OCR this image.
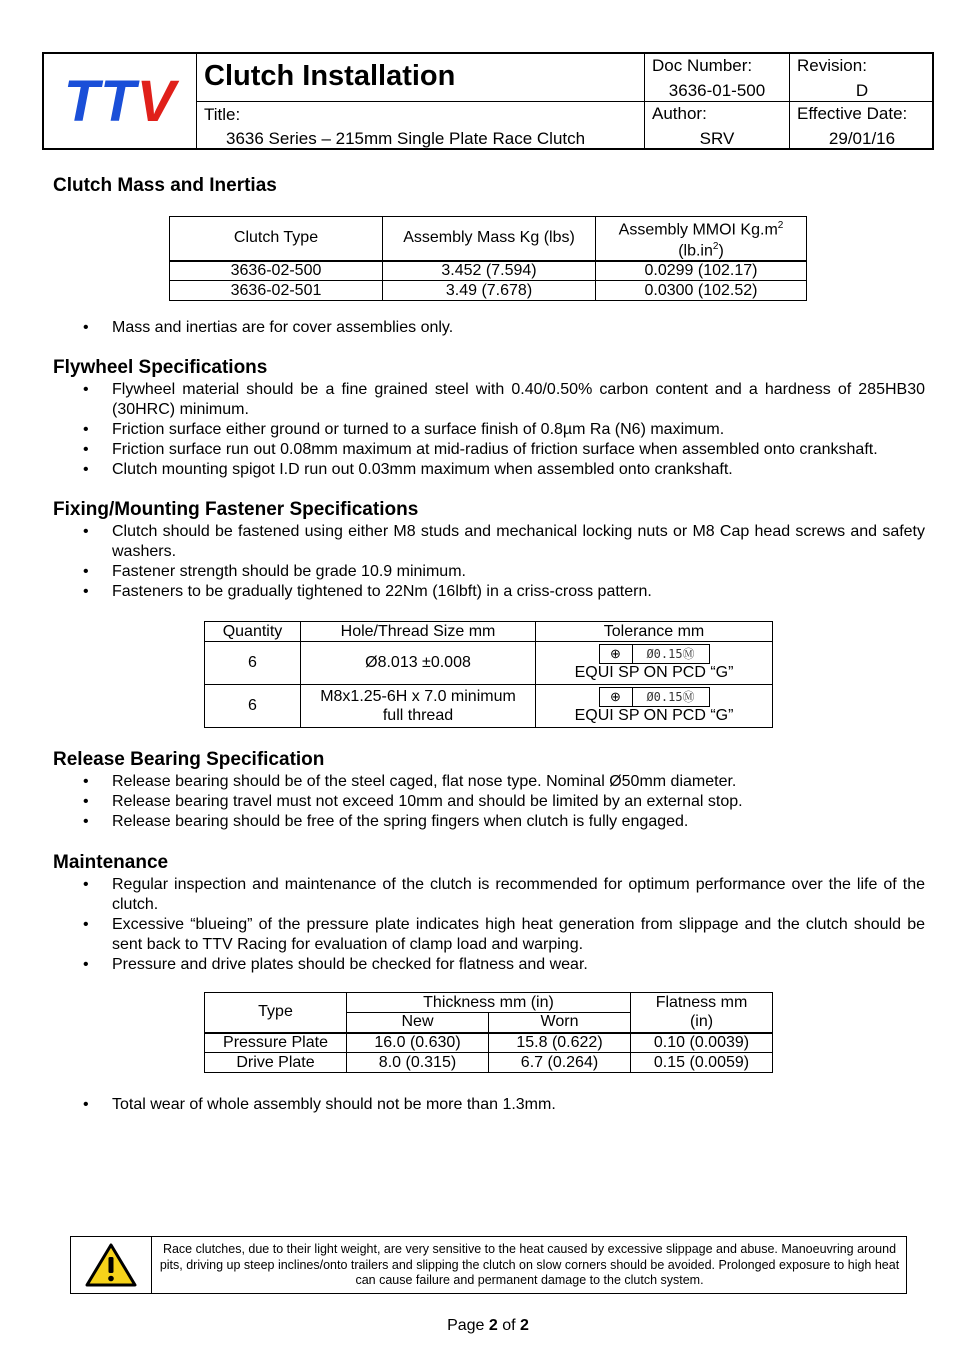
TTV Clutch Installation
Title:
3636 Series – 215mm Single Plate Race Clutch
Doc Number:
3636-01-500
Author:
SRV
Revision:
D
Effective Date:
29/01/16
Clutch Mass and Inertias
Clutch Type	Assembly Mass Kg (lbs)	Assembly MMOI $Kg.m^2$
$(lb.in^2)$
3636-02-500	3.452 (7.594)	0.0299 (102.17)
3636-02-501	3.49 (7.678)	0.0300 (102.52)
• Mass and inertias are for cover assemblies only.
Flywheel Specifications
• Flywheel material should be a fine grained steel with 0.40/0.50% carbon content and a hardness of 285HB30 (30HRC) minimum.
• Friction surface either ground or turned to a surface finish of 0.8µm Ra (N6) maximum.
• Friction surface run out 0.08mm maximum at mid-radius of friction surface when assembled onto crankshaft.
• Clutch mounting spigot I.D run out 0.03mm maximum when assembled onto crankshaft.
Fixing/Mounting Fastener Specifications
• Clutch should be fastened using either M8 studs and mechanical locking nuts or M8 Cap head screws and safety washers.
• Fastener strength should be grade 10.9 minimum.
• Fasteners to be gradually tightened to 22Nm (16lbft) in a criss-cross pattern.
Quantity	Hole/Thread Size mm	Tolerance mm
6	Ø8.013 ±0.008	⊕ Ø0.15Ⓜ

EQUI SP ON PCD “G”
6	M8x1.25-6H x 7.0 minimum
full thread	⊕ Ø0.15Ⓜ

EQUI SP ON PCD “G”
Release Bearing Specification
• Release bearing should be of the steel caged, flat nose type. Nominal Ø50mm diameter.
• Release bearing travel must not exceed 10mm and should be limited by an external stop.
• Release bearing should be free of the spring fingers when clutch is fully engaged.
Maintenance
• Regular inspection and maintenance of the clutch is recommended for optimum performance over the life of the clutch.
• Excessive “blueing” of the pressure plate indicates high heat generation from slippage and the clutch should be sent back to TTV Racing for evaluation of clamp load and warping.
• Pressure and drive plates should be checked for flatness and wear.
Type	Thickness mm (in)		Flatness mm
(in)
	New	Worn	
Pressure Plate	16.0 (0.630)	15.8 (0.622)	0.10 (0.0039)
Drive Plate	8.0 (0.315)	6.7 (0.264)	0.15 (0.0059)
• Total wear of whole assembly should not be more than 1.3mm.
Race clutches, due to their light weight, are very sensitive to the heat caused by excessive slippage and abuse. Manoeuvring around pits, driving up steep inclines/onto trailers and slipping the clutch on slow corners should be avoided. Prolonged exposure to high heat can cause failure and permanent damage to the clutch system.
Page 2 of 2
